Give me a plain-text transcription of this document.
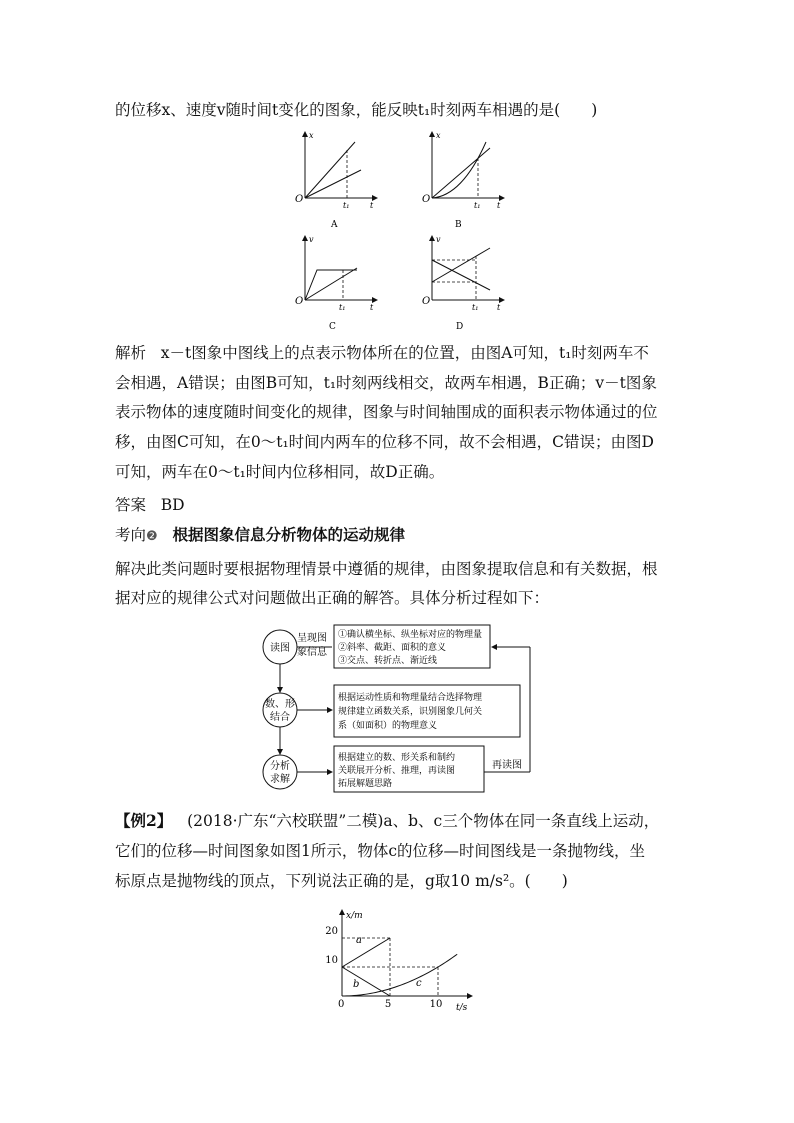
的位移x、速度v随时间t变化的图象，能反映t₁时刻两车相遇的是(　　)
x
O
t₁	t
A
x
O
t₁ t
B
v
O
t₁	t
C
v
O
t₁ t
D
解析 x－t图象中图线上的点表示物体所在的位置，由图A可知，t₁时刻两车不
会相遇，A错误；由图B可知，t₁时刻两线相交，故两车相遇，B正确；v－t图象
表示物体的速度随时间变化的规律，图象与时间轴围成的面积表示物体通过的位
移，由图C可知，在0～t₁时间内两车的位移不同，故不会相遇，C错误；由图D
可知，两车在0～t₁时间内位移相同，故D正确。
答案 BD
考向❷ 根据图象信息分析物体的运动规律
解决此类问题时要根据物理情景中遵循的规律，由图象提取信息和有关数据，根
据对应的规律公式对问题做出正确的解答。具体分析过程如下：
读图
数、形
结合
分析
求解
呈现图
象信息
①确认横坐标、纵坐标对应的物理量
②斜率、截距、面积的意义
③交点、转折点、渐近线
根据运动性质和物理量结合选择物理
规律建立函数关系，识别图象几何关
系（如面积）的物理意义
根据建立的数、形关系和制约
关联展开分析、推理，再读图
拓展解题思路
再读图
【例2】 (2018·广东“六校联盟”二模)a、b、c三个物体在同一条直线上运动，
它们的位移—时间图象如图1所示，物体c的位移—时间图线是一条抛物线，坐
标原点是抛物线的顶点，下列说法正确的是，g取10 m/s²。(　　)
x/m
t/s
20
10
0	5	10
a
b	c
